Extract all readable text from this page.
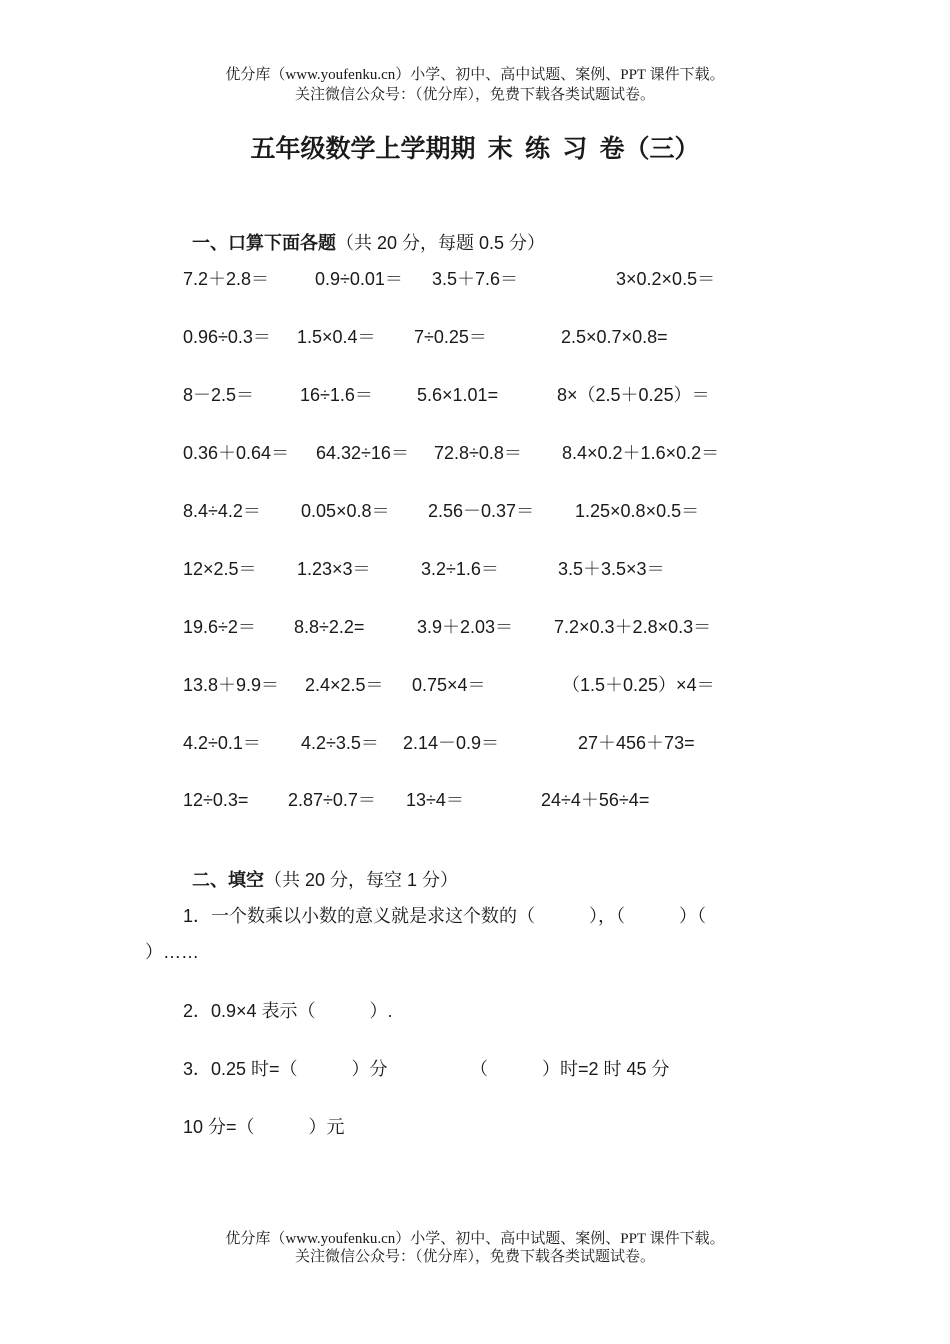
优分库（www.youfenku.cn）小学、初中、高中试题、案例、PPT 课件下载。
关注微信公众号：（优分库），免费下载各类试题试卷。
五年级数学上学期期 末 练 习 卷（三）

一、口算下面各题（共 20 分，每题 0.5 分）

7.2＋2.8＝	0.9÷0.01＝ 3.5＋7.6＝	3×0.2×0.5＝
0.96÷0.3＝ 1.5×0.4＝ 7÷0.25＝	2.5×0.7×0.8=
8－2.5＝	16÷1.6＝ 5.6×1.01=	8×（2.5＋0.25）＝
0.36＋0.64＝ 64.32÷16＝ 72.8÷0.8＝ 8.4×0.2＋1.6×0.2＝
8.4÷4.2＝ 0.05×0.8＝ 2.56－0.37＝ 1.25×0.8×0.5＝
12×2.5＝ 1.23×3＝	3.2÷1.6＝	3.5＋3.5×3＝
19.6÷2＝ 8.8÷2.2=	3.9＋2.03＝ 7.2×0.3＋2.8×0.3＝
13.8＋9.9＝ 2.4×2.5＝ 0.75×4＝	（1.5＋0.25）×4＝
4.2÷0.1＝ 4.2÷3.5＝ 2.14－0.9＝	27＋456＋73=
12÷0.3= 2.87÷0.7＝ 13÷4＝	24÷4＋56÷4=

二、填空（共 20 分，每空 1 分）

1．一个数乘以小数的意义就是求这个数的（　　　），（　　　）（
）……
2．0.9×4 表示（　　　）.
3．0.25 时=（　　　）分	（　　　）时=2 时 45 分
10 分=（　　　）元
优分库（www.youfenku.cn）小学、初中、高中试题、案例、PPT 课件下载。
关注微信公众号：（优分库），免费下载各类试题试卷。
